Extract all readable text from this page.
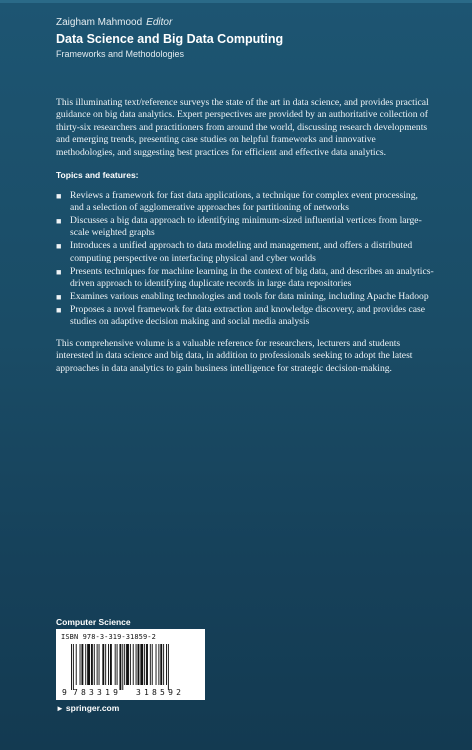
Zaigham Mahmood Editor
Data Science and Big Data Computing
Frameworks and Methodologies

This illuminating text/reference surveys the state of the art in data science, and provides practical guidance on big data analytics. Expert perspectives are provided by an authoritative collection of thirty-six researchers and practitioners from around the world, discussing research developments and emerging trends, presenting case studies on helpful frameworks and innovative methodologies, and suggesting best practices for efficient and effective data analytics.

Topics and features:
■ Reviews a framework for fast data applications, a technique for complex event processing, and a selection of agglomerative approaches for partitioning of networks
■ Discusses a big data approach to identifying minimum-sized influential vertices from large-scale weighted graphs
■ Introduces a unified approach to data modeling and management, and offers a distributed computing perspective on interfacing physical and cyber worlds
■ Presents techniques for machine learning in the context of big data, and describes an analytics-driven approach to identifying duplicate records in large data repositories
■ Examines various enabling technologies and tools for data mining, including Apache Hadoop
■ Proposes a novel framework for data extraction and knowledge discovery, and provides case studies on adaptive decision making and social media analysis

This comprehensive volume is a valuable reference for researchers, lecturers and students interested in data science and big data, in addition to professionals seeking to adopt the latest approaches in data analytics to gain business intelligence for strategic decision-making.

Computer Science
ISBN 978-3-319-31859-2
9 783319 318592
► springer.com
